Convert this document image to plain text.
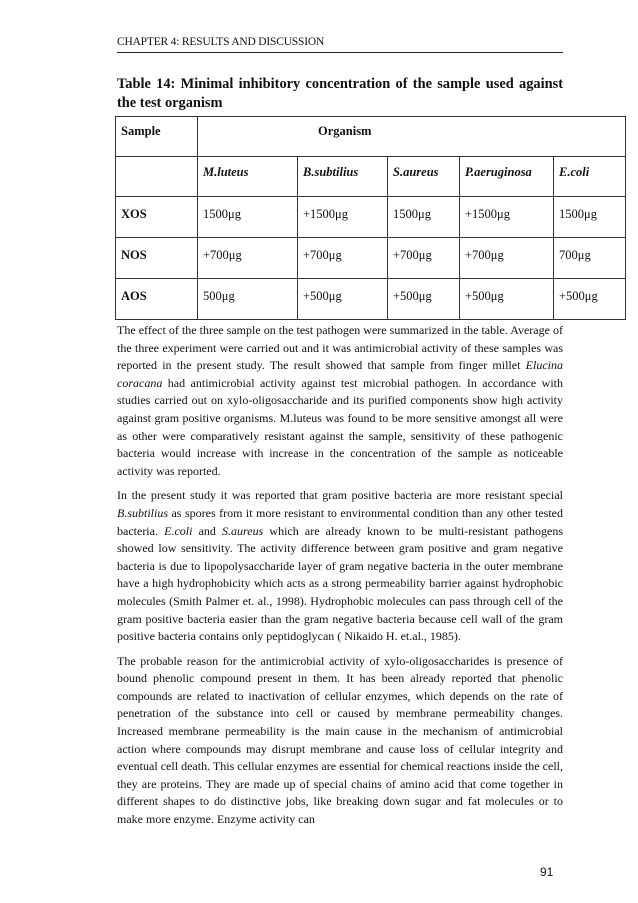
CHAPTER 4: RESULTS AND DISCUSSION
Table 14: Minimal inhibitory concentration of the sample used against the test organism
Sample	Organism				
	M.luteus	B.subtilius	S.aureus	P.aeruginosa	E.coli
XOS	1500μg	+1500μg	1500μg	+1500μg	1500μg
NOS	+700μg	+700μg	+700μg	+700μg	700μg
AOS	500μg	+500μg	+500μg	+500μg	+500μg

The effect of the three sample on the test pathogen were summarized in the table. Average of the three experiment were carried out and it was antimicrobial activity of these samples was reported in the present study. The result showed that sample from finger millet Elucina coracana had antimicrobial activity against test microbial pathogen. In accordance with studies carried out on xylo-oligosaccharide and its purified components show high activity against gram positive organisms. M.luteus was found to be more sensitive amongst all were as other were comparatively resistant against the sample, sensitivity of these pathogenic bacteria would increase with increase in the concentration of the sample as noticeable activity was reported.

In the present study it was reported that gram positive bacteria are more resistant special B.subtilius as spores from it more resistant to environmental condition than any other tested bacteria. E.coli and S.aureus which are already known to be multi-resistant pathogens showed low sensitivity. The activity difference between gram positive and gram negative bacteria is due to lipopolysaccharide layer of gram negative bacteria in the outer membrane have a high hydrophobicity which acts as a strong permeability barrier against hydrophobic molecules (Smith Palmer et. al., 1998). Hydrophobic molecules can pass through cell of the gram positive bacteria easier than the gram negative bacteria because cell wall of the gram positive bacteria contains only peptidoglycan ( Nikaido H. et.al., 1985).

The probable reason for the antimicrobial activity of xylo-oligosaccharides is presence of bound phenolic compound present in them. It has been already reported that phenolic compounds are related to inactivation of cellular enzymes, which depends on the rate of penetration of the substance into cell or caused by membrane permeability changes. Increased membrane permeability is the main cause in the mechanism of antimicrobial action where compounds may disrupt membrane and cause loss of cellular integrity and eventual cell death. This cellular enzymes are essential for chemical reactions inside the cell, they are proteins. They are made up of special chains of amino acid that come together in different shapes to do distinctive jobs, like breaking down sugar and fat molecules or to make more enzyme. Enzyme activity can

91
